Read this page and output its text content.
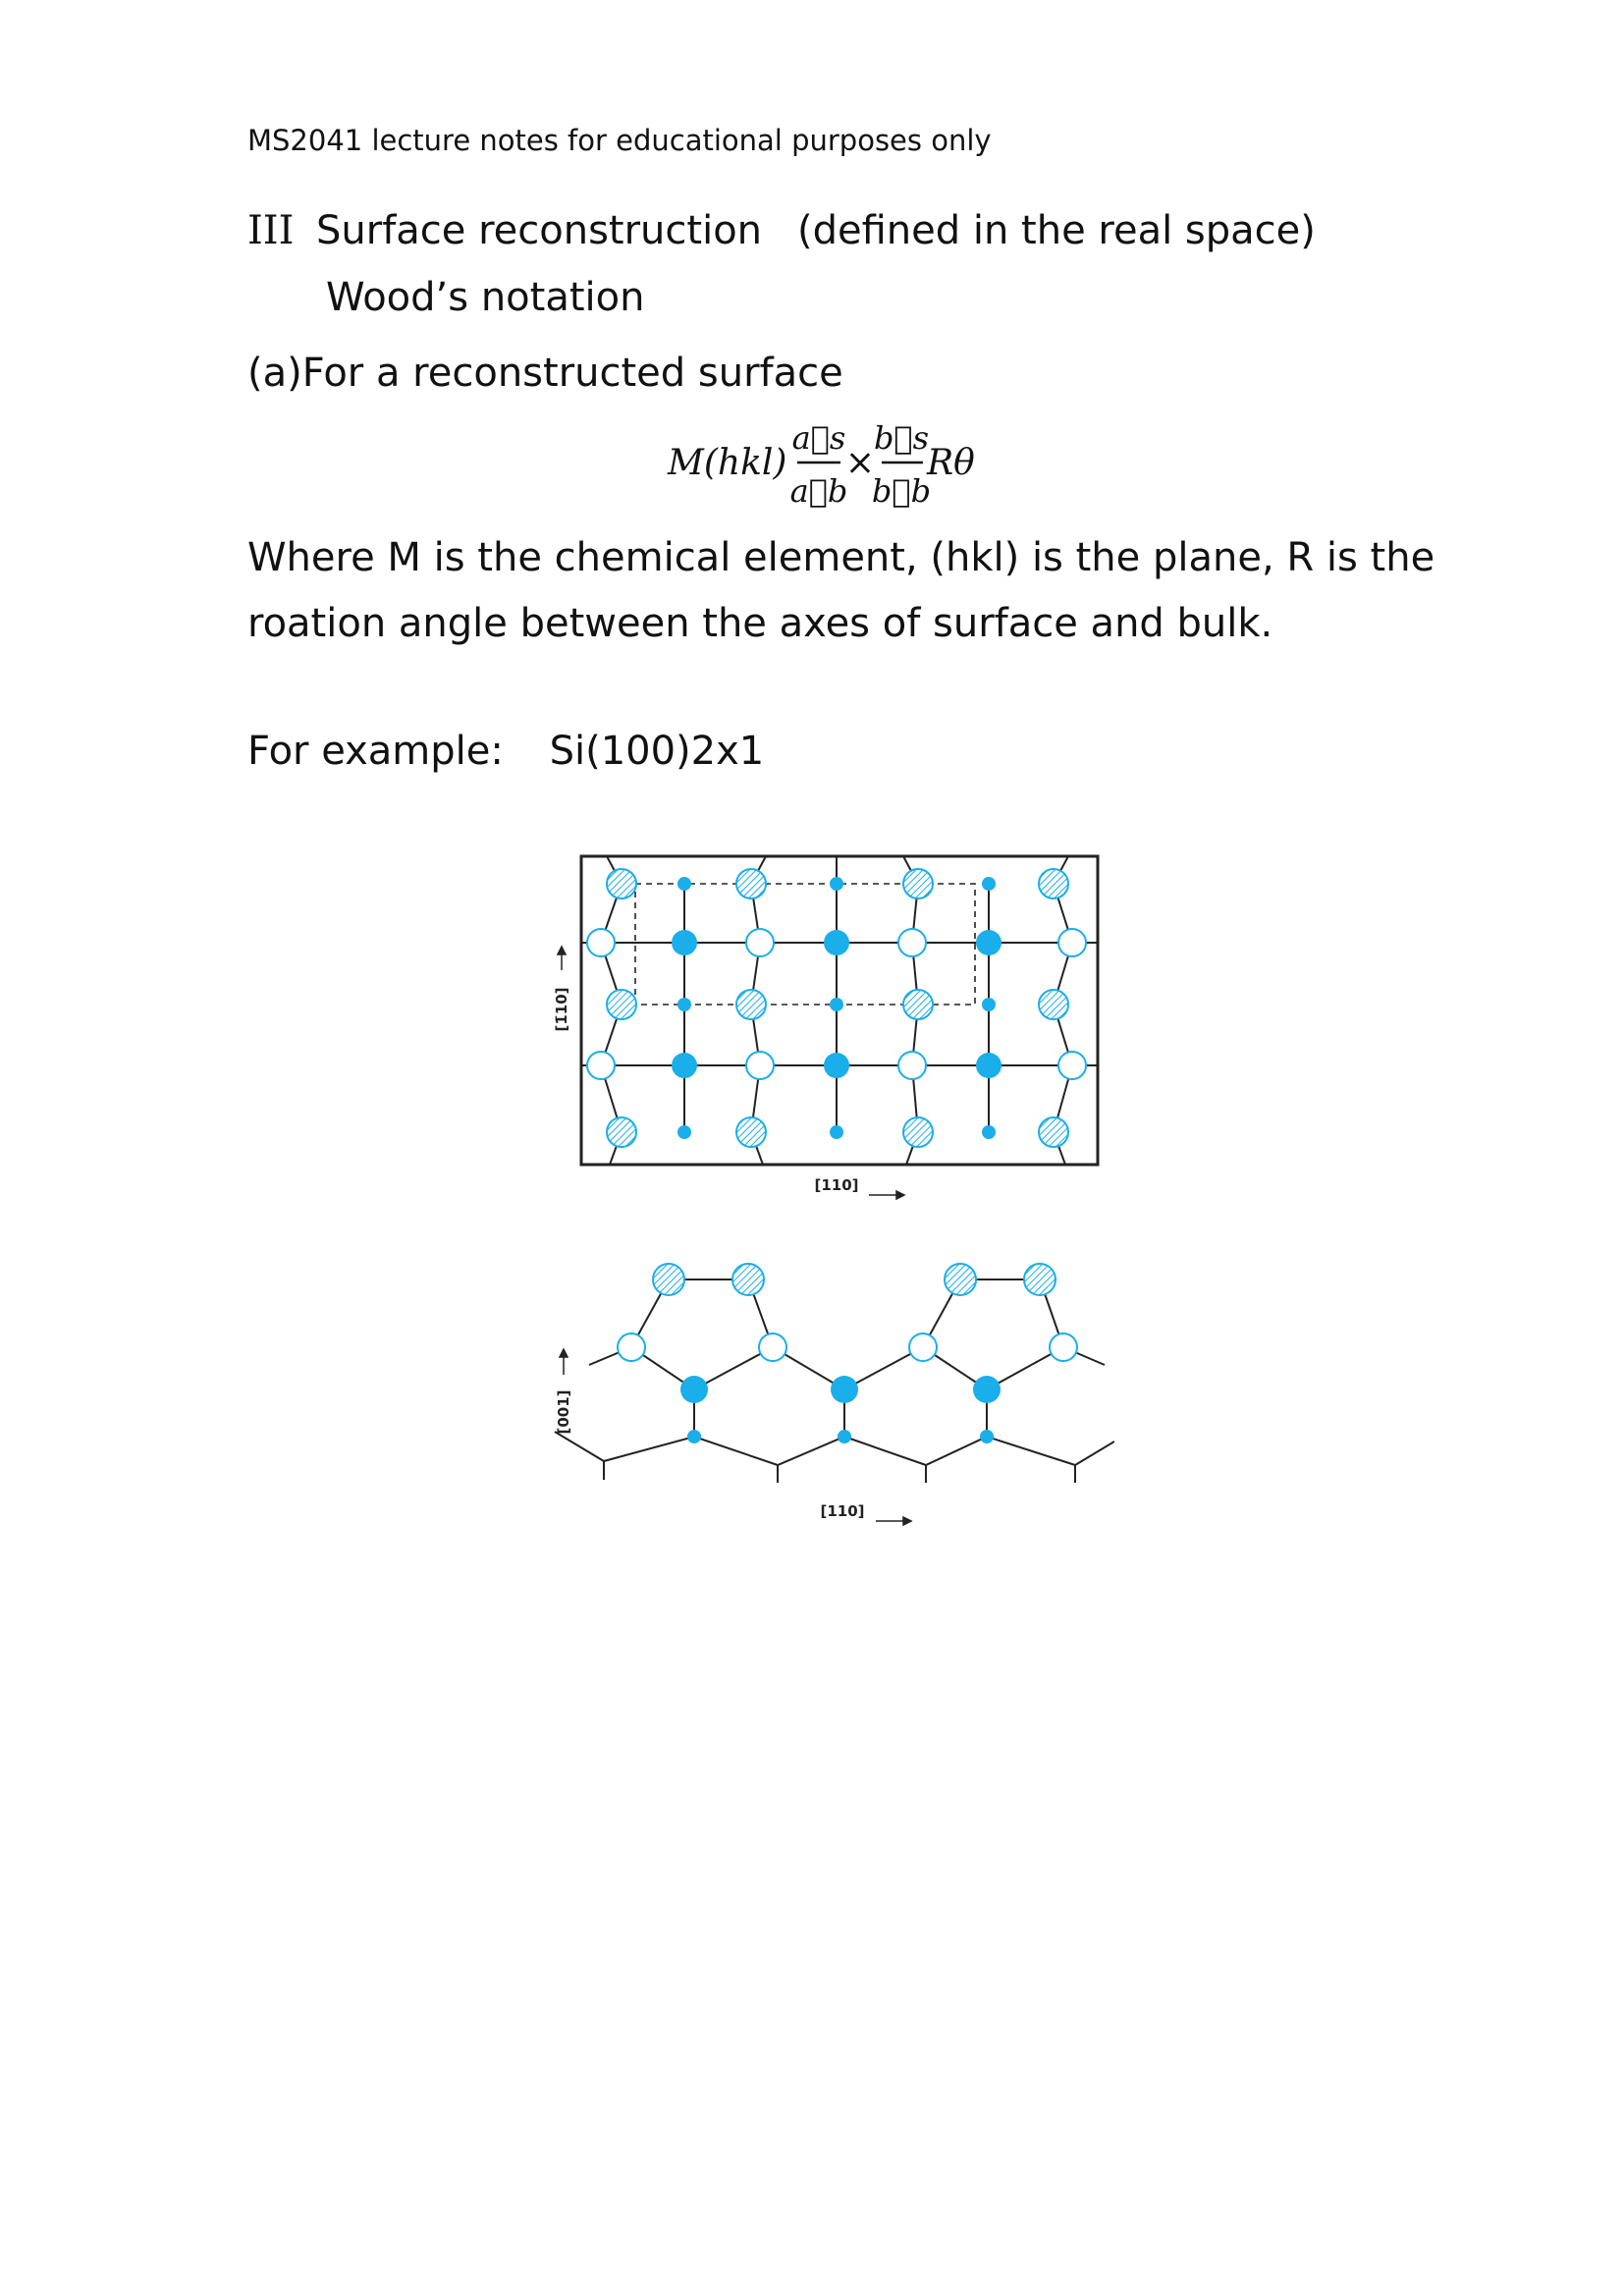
MS2041 lecture notes for educational purposes only
III Surface reconstruction (defined in the real space)
Wood’s notation
(a)For a reconstructed surface
M(hkl)
a⃗s
a⃗b
×
b⃗s
b⃗b
Rθ
Where M is the chemical element, (hkl) is the plane, R is the
roation angle between the axes of surface and bulk.
For example: Si(100)2x1
[110]
[1̄10]
[110]
[001]
